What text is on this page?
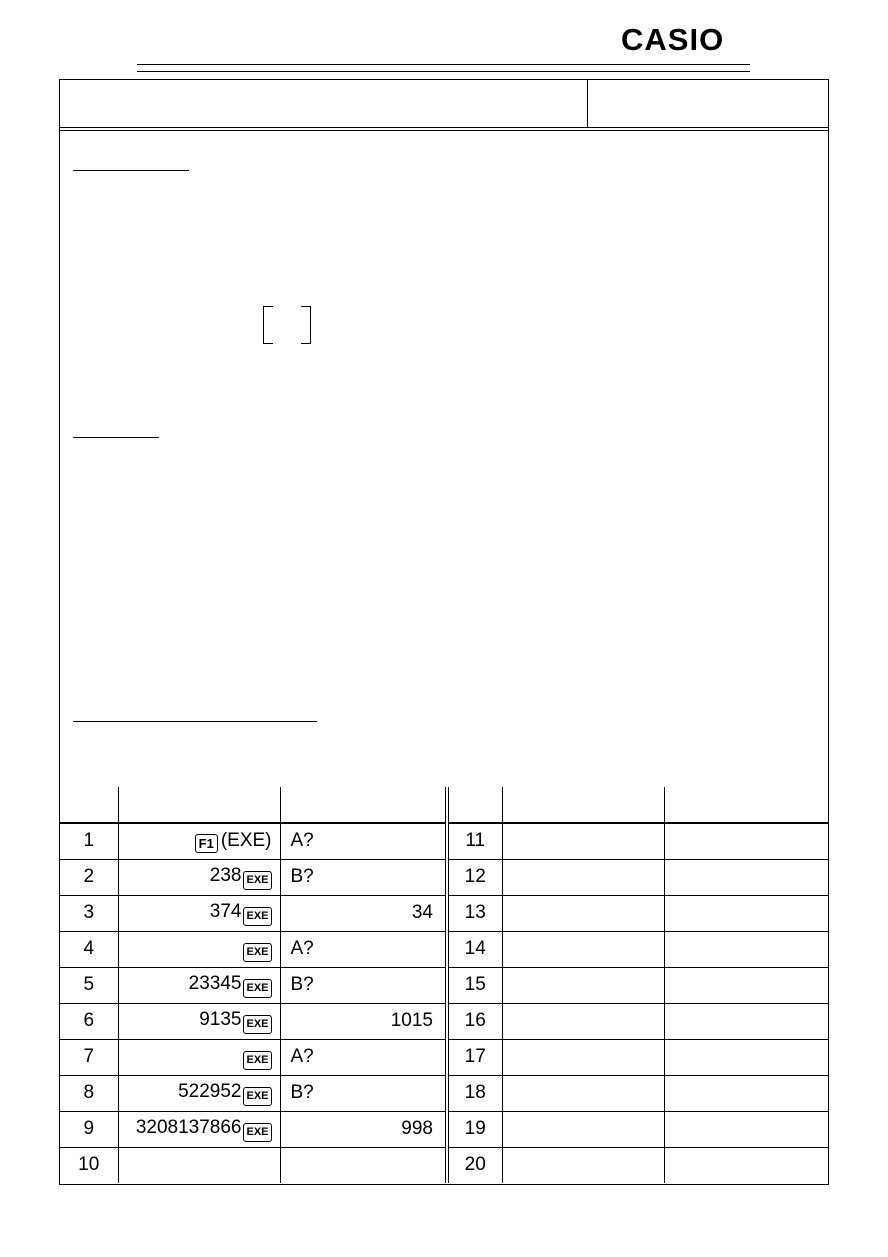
CASIO

1	F1 (EXE)	A?	11		
2	238 EXE	B?	12		
3	374 EXE	34	13		
4	EXE	A?	14		
5	23345 EXE	B?	15		
6	9135 EXE	1015	16		
7	EXE	A?	17		
8	522952 EXE	B?	18		
9	3208137866 EXE	998	19		
10			20		
